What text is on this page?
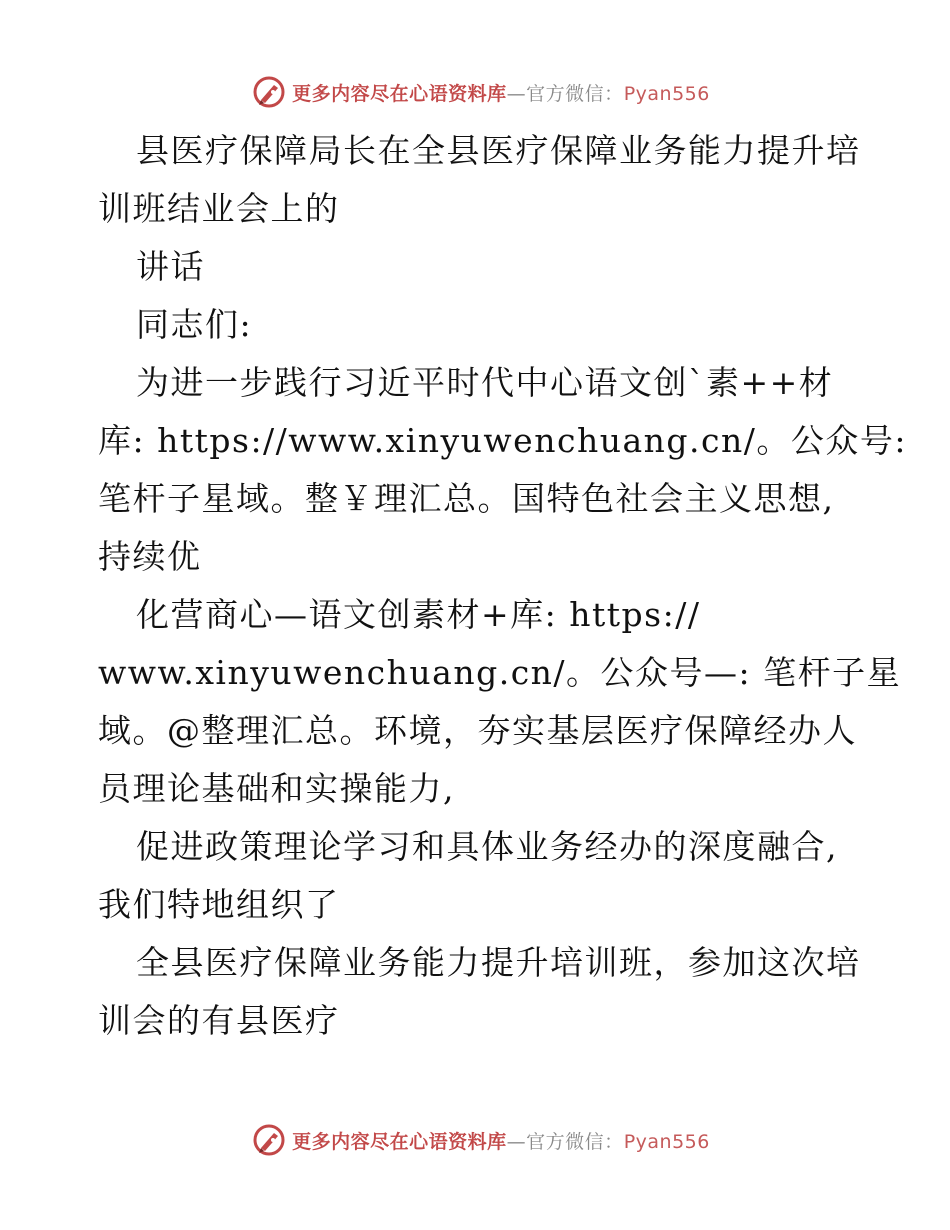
更多内容尽在心语资料库—官方微信：Pyan556
县医疗保障局长在全县医疗保障业务能力提升培
训班结业会上的
讲话
同志们:
为进一步践行习近平时代中心语文创`素++材
库: https://www.xinyuwenchuang.cn/。公众号:
笔杆子星域。整￥理汇总。国特色社会主义思想,
持续优
化营商心—语文创素材+库: https://
www.xinyuwenchuang.cn/。公众号—: 笔杆子星
域。@整理汇总。环境，夯实基层医疗保障经办人
员理论基础和实操能力,
促进政策理论学习和具体业务经办的深度融合,
我们特地组织了
全县医疗保障业务能力提升培训班，参加这次培
训会的有县医疗
更多内容尽在心语资料库—官方微信：Pyan556
